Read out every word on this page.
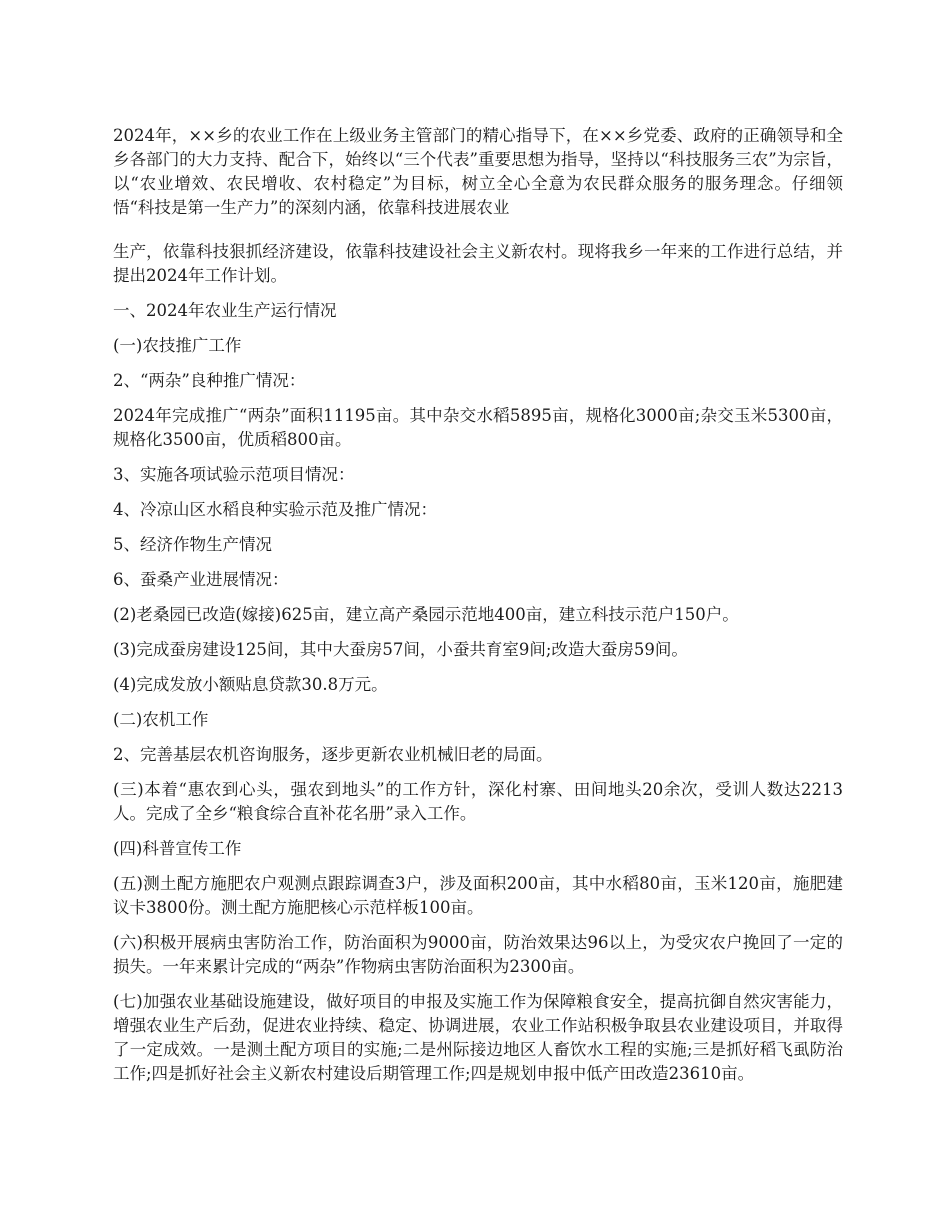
2024年，××乡的农业工作在上级业务主管部门的精心指导下，在××乡党委、政府的正确领导和全乡各部门的大力支持、配合下，始终以“三个代表”重要思想为指导，坚持以“科技服务三农”为宗旨，以“农业增效、农民增收、农村稳定”为目标，树立全心全意为农民群众服务的服务理念。仔细领悟“科技是第一生产力”的深刻内涵，依靠科技进展农业

生产，依靠科技狠抓经济建设，依靠科技建设社会主义新农村。现将我乡一年来的工作进行总结，并提出2024年工作计划。

一、2024年农业生产运行情况

(一)农技推广工作

2、“两杂”良种推广情况：

2024年完成推广“两杂”面积11195亩。其中杂交水稻5895亩，规格化3000亩;杂交玉米5300亩，规格化3500亩，优质稻800亩。

3、实施各项试验示范项目情况：

4、冷凉山区水稻良种实验示范及推广情况：

5、经济作物生产情况

6、蚕桑产业进展情况：

(2)老桑园已改造(嫁接)625亩，建立高产桑园示范地400亩，建立科技示范户150户。

(3)完成蚕房建设125间，其中大蚕房57间，小蚕共育室9间;改造大蚕房59间。

(4)完成发放小额贴息贷款30.8万元。

(二)农机工作

2、完善基层农机咨询服务，逐步更新农业机械旧老的局面。

(三)本着“惠农到心头，强农到地头”的工作方针，深化村寨、田间地头20余次，受训人数达2213人。完成了全乡“粮食综合直补花名册”录入工作。

(四)科普宣传工作

(五)测土配方施肥农户观测点跟踪调查3户，涉及面积200亩，其中水稻80亩，玉米120亩，施肥建议卡3800份。测土配方施肥核心示范样板100亩。

(六)积极开展病虫害防治工作，防治面积为9000亩，防治效果达96以上，为受灾农户挽回了一定的损失。一年来累计完成的“两杂”作物病虫害防治面积为2300亩。

(七)加强农业基础设施建设，做好项目的申报及实施工作为保障粮食安全，提高抗御自然灾害能力，增强农业生产后劲，促进农业持续、稳定、协调进展，农业工作站积极争取县农业建设项目，并取得了一定成效。一是测土配方项目的实施;二是州际接边地区人畜饮水工程的实施;三是抓好稻飞虱防治工作;四是抓好社会主义新农村建设后期管理工作;四是规划申报中低产田改造23610亩。
